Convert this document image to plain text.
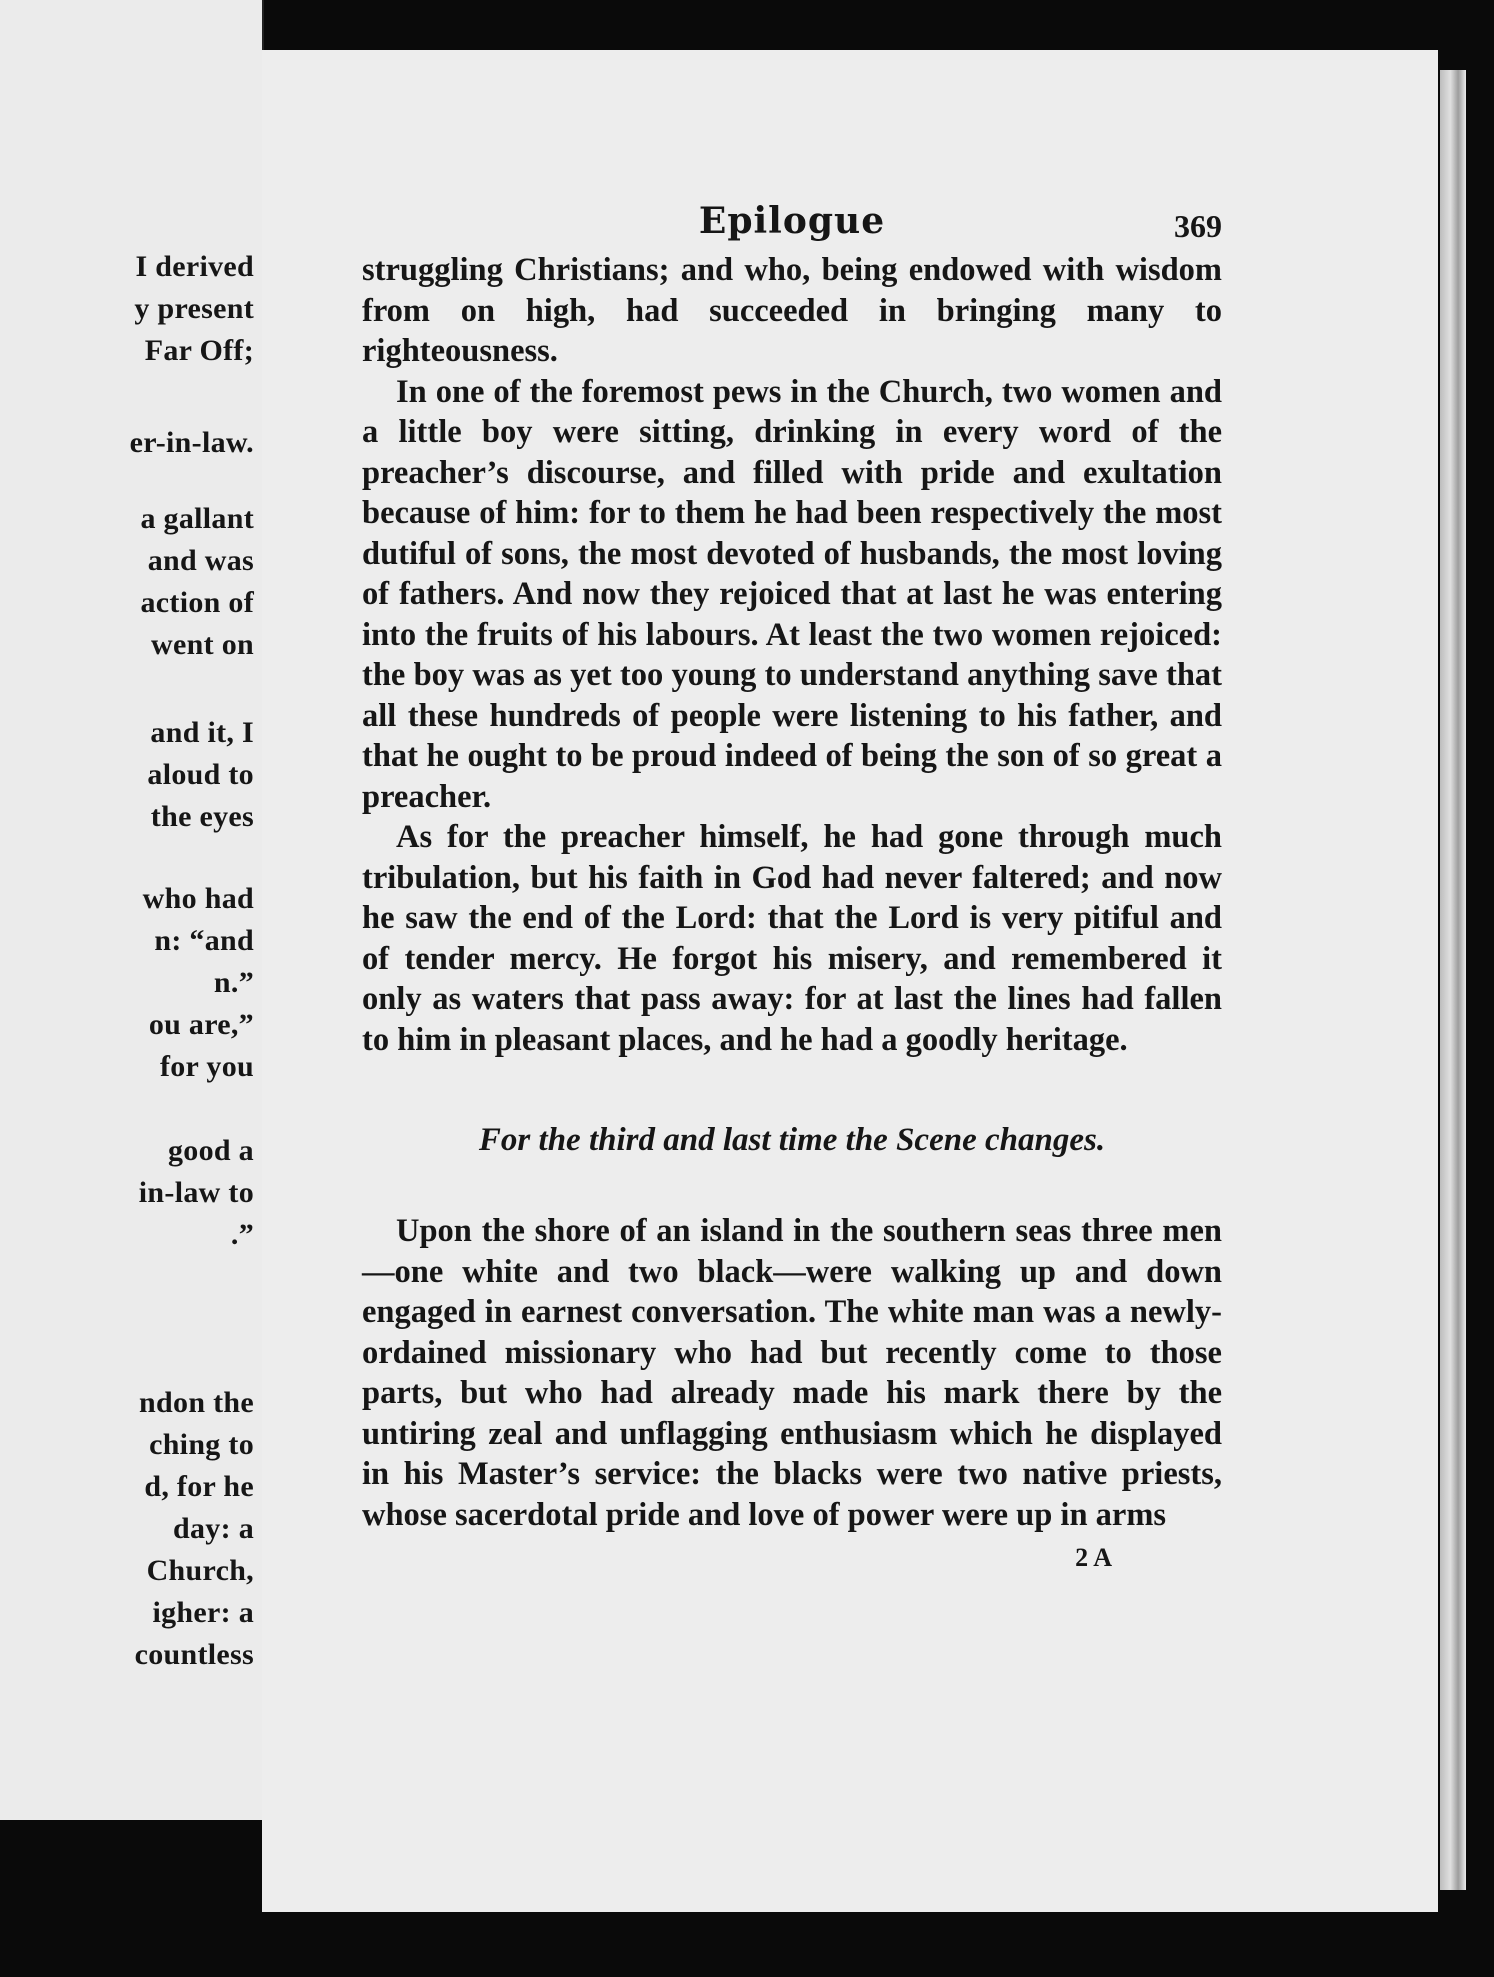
I derived
y present
Far Off;
er-in-law.
a gallant
and was
action of
went on
and it, I
aloud to
the eyes
who had
n: “and
n.”
ou are,”
for you
good a
in-law to
.”
ndon the
ching to
d, for he
day: a
Church,
igher: a
countless
Epilogue	369

struggling Christians; and who, being endowed with wisdom from on high, had succeeded in bringing many to righteousness.

In one of the foremost pews in the Church, two women and a little boy were sitting, drinking in every word of the preacher’s discourse, and filled with pride and exultation because of him: for to them he had been respectively the most dutiful of sons, the most devoted of husbands, the most loving of fathers. And now they rejoiced that at last he was entering into the fruits of his labours. At least the two women rejoiced: the boy was as yet too young to understand anything save that all these hundreds of people were listening to his father, and that he ought to be proud indeed of being the son of so great a preacher.

As for the preacher himself, he had gone through much tribulation, but his faith in God had never faltered; and now he saw the end of the Lord: that the Lord is very pitiful and of tender mercy. He forgot his misery, and remembered it only as waters that pass away: for at last the lines had fallen to him in pleasant places, and he had a goodly heritage.

For the third and last time the Scene changes.

Upon the shore of an island in the southern seas three men—one white and two black—were walking up and down engaged in earnest conversation. The white man was a newly-ordained missionary who had but recently come to those parts, but who had already made his mark there by the untiring zeal and unflagging enthusiasm which he displayed in his Master’s service: the blacks were two native priests, whose sacerdotal pride and love of power were up in arms

2 A
